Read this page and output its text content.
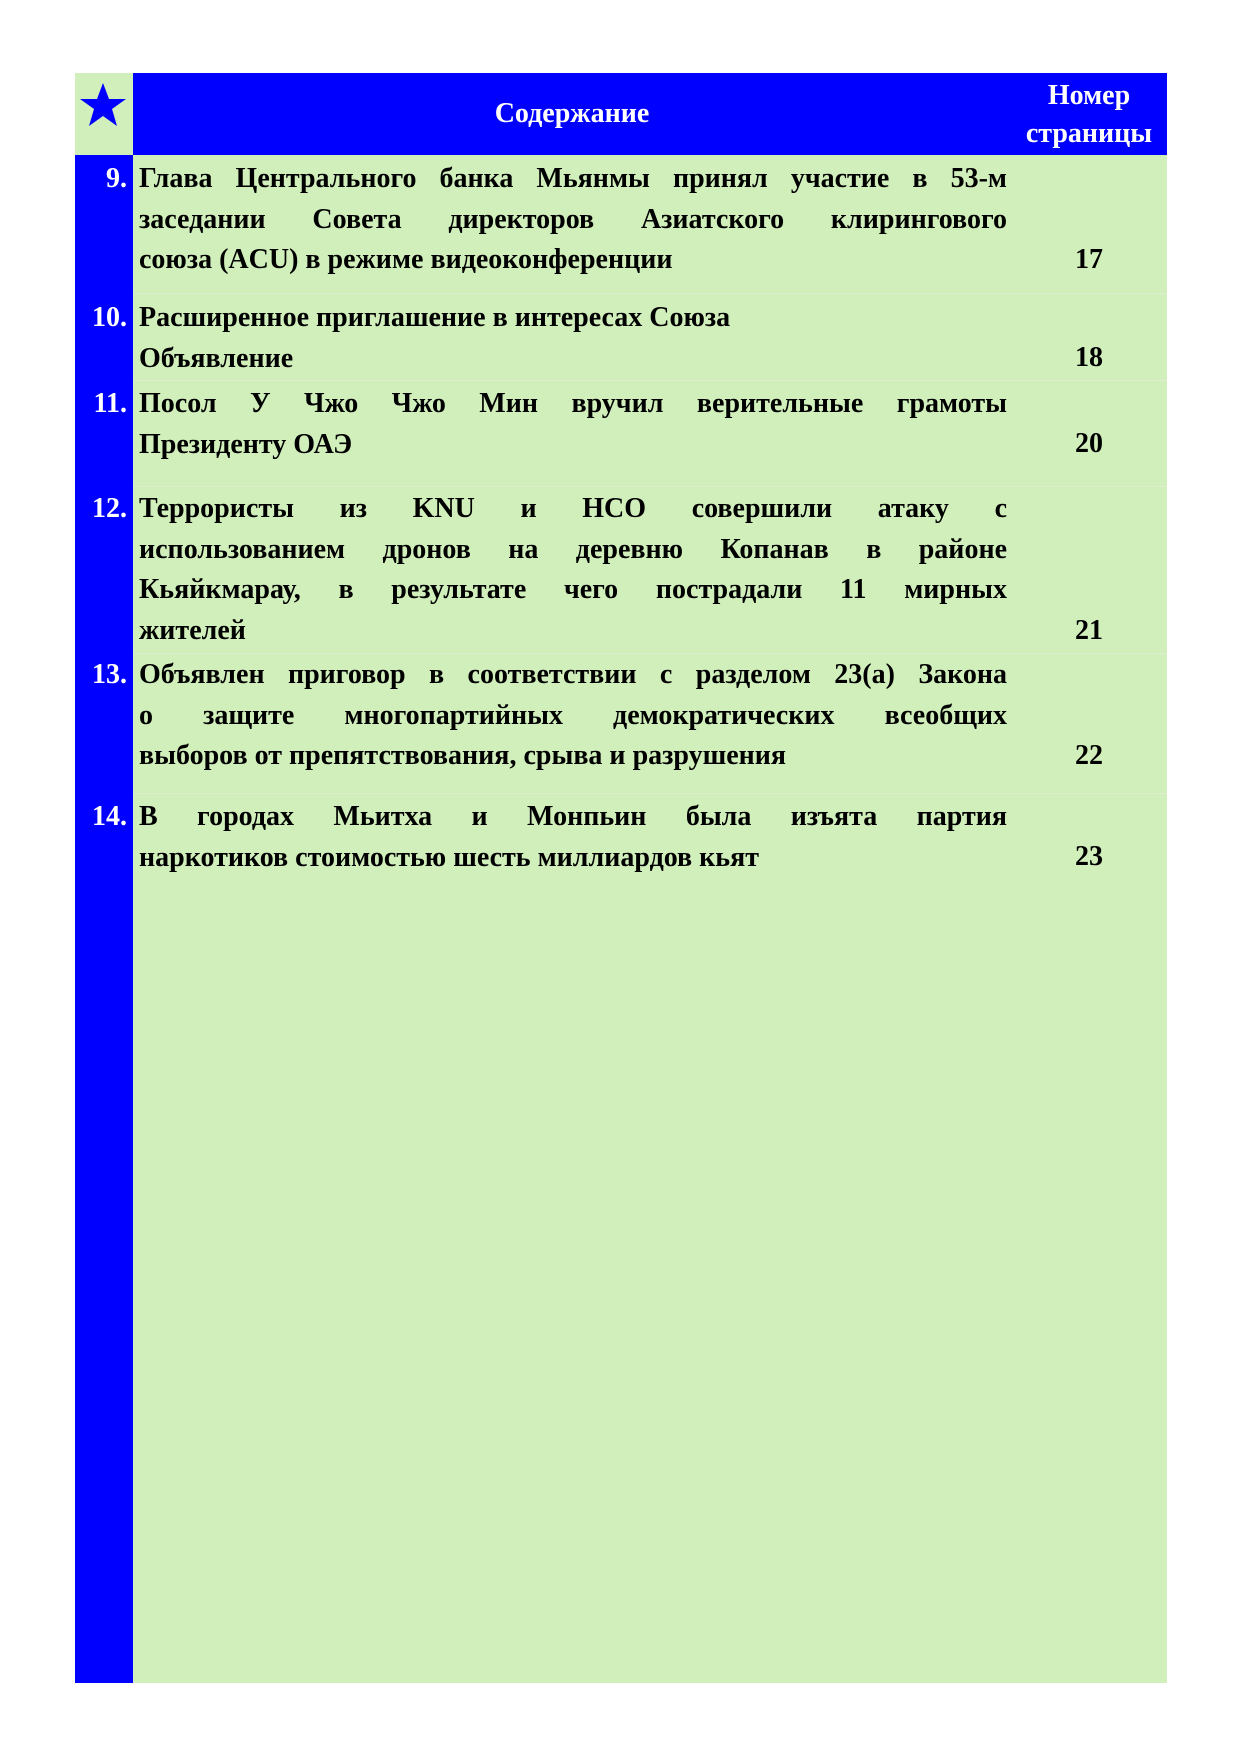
Содержание
Номер
страницы
9. Глава Центрального банка Мьянмы принял участие в 53-м
заседании Совета директоров Азиатского клирингового
союза (ACU) в режиме видеоконференции	17
10. Расширенное приглашение в интересах Союза
Объявление	18
11. Посол У Чжо Чжо Мин вручил верительные грамоты
Президенту ОАЭ	20
12. Террористы из KNU и НСО совершили атаку с
использованием дронов на деревню Копанав в районе
Кьяйкмарау, в результате чего пострадали 11 мирных
жителей	21
13. Объявлен приговор в соответствии с разделом 23(а) Закона
о защите многопартийных демократических всеобщих
выборов от препятствования, срыва и разрушения	22
14. В городах Мьитха и Монпьин была изъята партия
наркотиков стоимостью шесть миллиардов кьят	23
